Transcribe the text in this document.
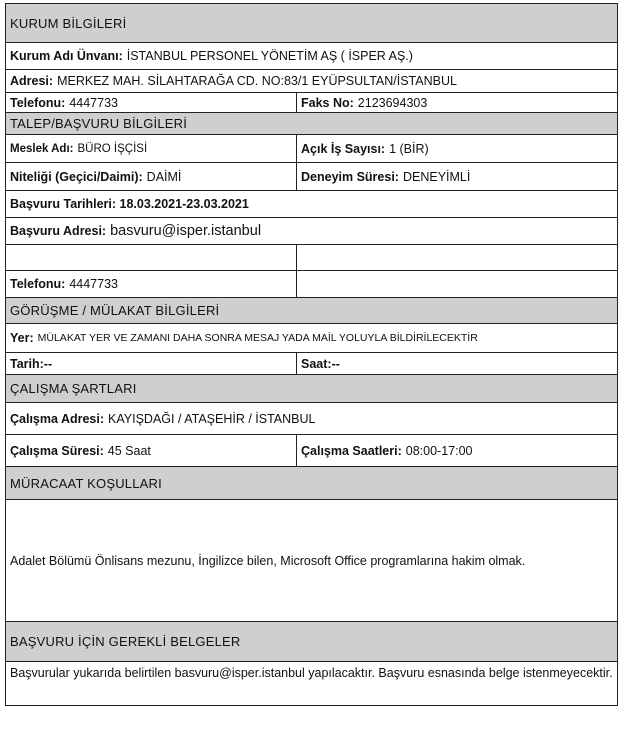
KURUM BİLGİLERİ
Kurum Adı Ünvanı: İSTANBUL PERSONEL YÖNETİM AŞ ( İSPER AŞ.)
Adresi: MERKEZ MAH. SİLAHTARAĞA CD. NO:83/1 EYÜPSULTAN/İSTANBUL
Telefonu: 4447733	Faks No: 2123694303
TALEP/BAŞVURU BİLGİLERİ
Meslek Adı: BÜRO İŞÇİSİ	Açık İş Sayısı: 1 (BİR)
Niteliği (Geçici/Daimi): DAİMİ	Deneyim Süresi: DENEYİMLİ
Başvuru Tarihleri: 18.03.2021-23.03.2021
Başvuru Adresi: basvuru@isper.istanbul
Telefonu: 4447733
GÖRÜŞME / MÜLAKAT BİLGİLERİ
Yer: MÜLAKAT YER VE ZAMANI DAHA SONRA MESAJ YADA MAİL YOLUYLA BİLDİRİLECEKTİR
Tarih:--	Saat:--
ÇALIŞMA ŞARTLARI
Çalışma Adresi: KAYIŞDAĞI / ATAŞEHİR / İSTANBUL
Çalışma Süresi: 45 Saat	Çalışma Saatleri: 08:00-17:00
MÜRACAAT KOŞULLARI
Adalet Bölümü Önlisans mezunu, İngilizce bilen, Microsoft Office programlarına hakim olmak.
BAŞVURU İÇİN GEREKLİ BELGELER
Başvurular yukarıda belirtilen basvuru@isper.istanbul yapılacaktır. Başvuru esnasında belge istenmeyecektir.
